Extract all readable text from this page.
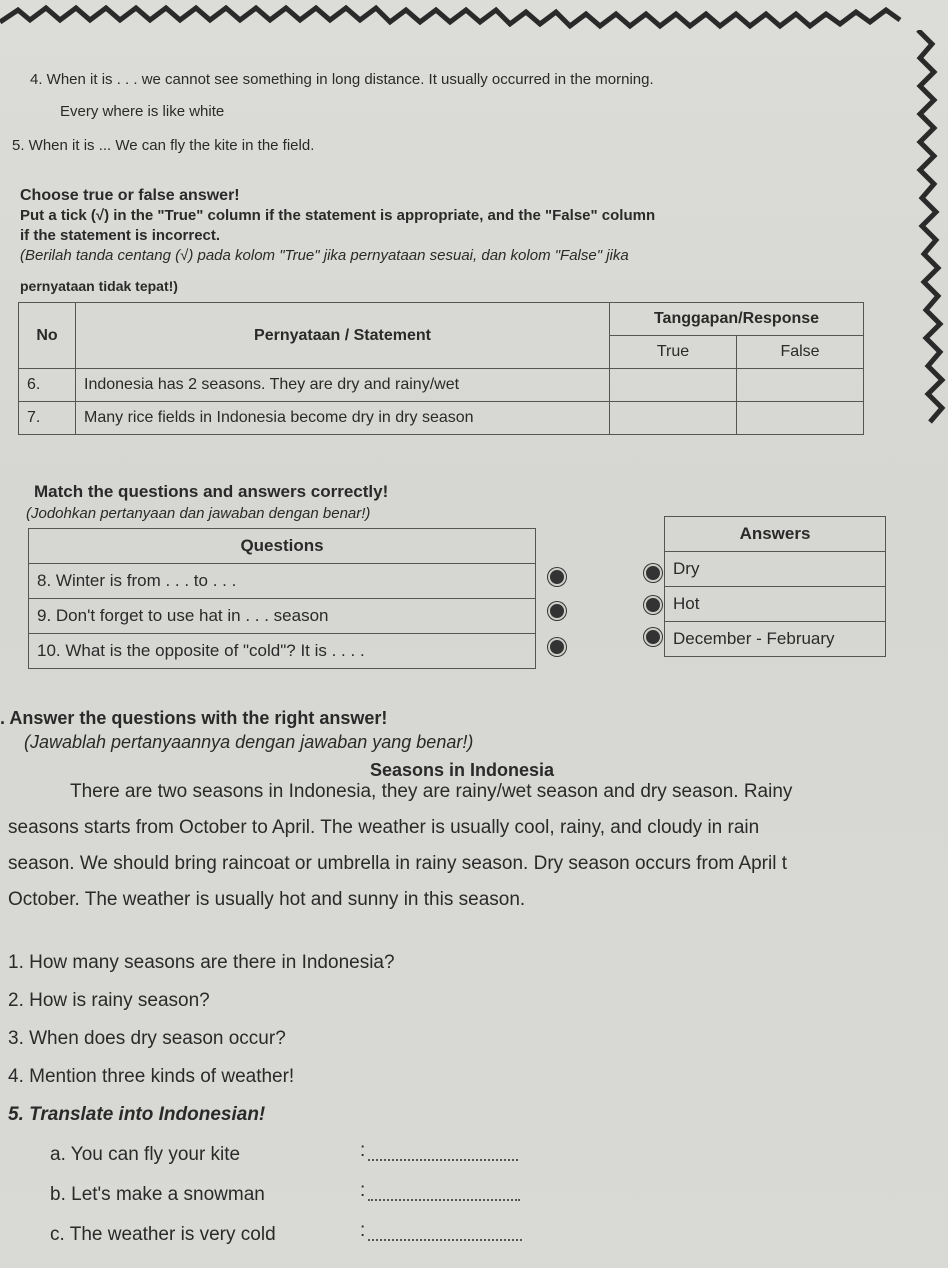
4. When it is . . . we cannot see something in long distance. It usually occurred in the morning.
Every where is like white
5. When it is ... We can fly the kite in the field.
Choose true or false answer!
Put a tick (√) in the "True" column if the statement is appropriate, and the "False" column
if the statement is incorrect.
(Berilah tanda centang (√) pada kolom "True" jika pernyataan sesuai, dan kolom "False" jika
pernyataan tidak tepat!)
No	Pernyataan / Statement	Tanggapan/Response	
		True	False
6.	Indonesia has 2 seasons. They are dry and rainy/wet		
7.	Many rice fields in Indonesia become dry in dry season		
Match the questions and answers correctly!
(Jodohkan pertanyaan dan jawaban dengan benar!)
Questions
8. Winter is from . . . to . . .
9. Don't forget to use hat in . . . season
10. What is the opposite of "cold"? It is . . . .
Answers
Dry
Hot
December - February
. Answer the questions with the right answer!
(Jawablah pertanyaannya dengan jawaban yang benar!)
Seasons in Indonesia
There are two seasons in Indonesia, they are rainy/wet season and dry season. Rainy
seasons starts from October to April. The weather is usually cool, rainy, and cloudy in rain
season. We should bring raincoat or umbrella in rainy season. Dry season occurs from April t
October. The weather is usually hot and sunny in this season.
1. How many seasons are there in Indonesia?
2. How is rainy season?
3. When does dry season occur?
4. Mention three kinds of weather!
5. Translate into Indonesian!
a. You can fly your kite	:
b. Let's make a snowman	:
c. The weather is very cold	:
